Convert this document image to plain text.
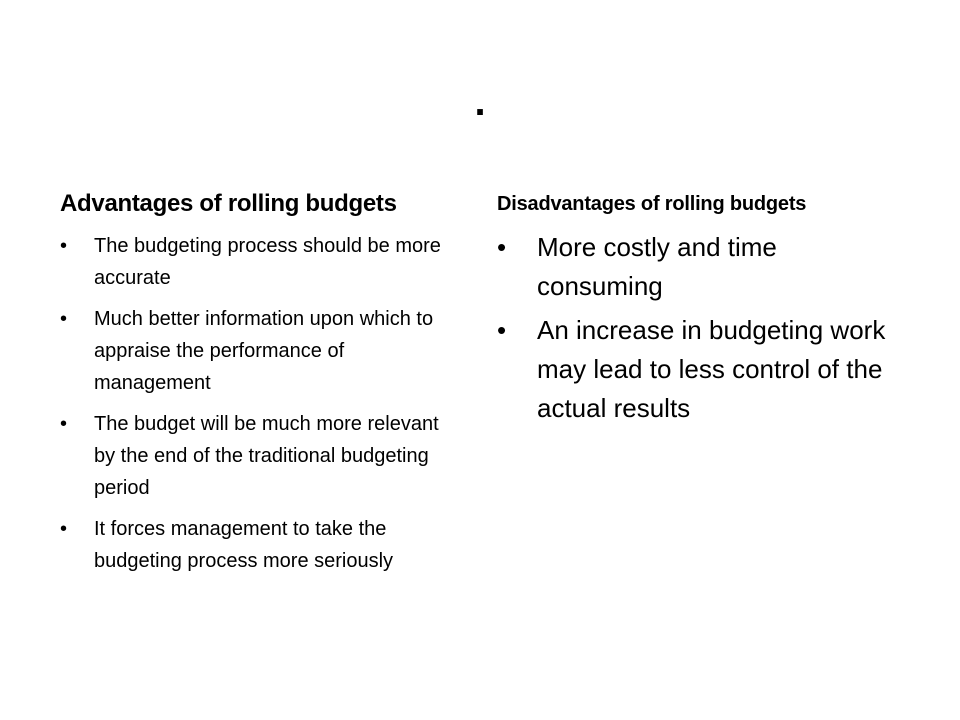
.
Advantages of rolling budgets
• The budgeting process should be more accurate
• Much better information upon which to appraise the performance of management
• The budget will be much more relevant by the end of the traditional budgeting period
• It forces management to take the budgeting process more seriously
Disadvantages of rolling budgets
• More costly and time consuming
• An increase in budgeting work may lead to less control of the actual results
